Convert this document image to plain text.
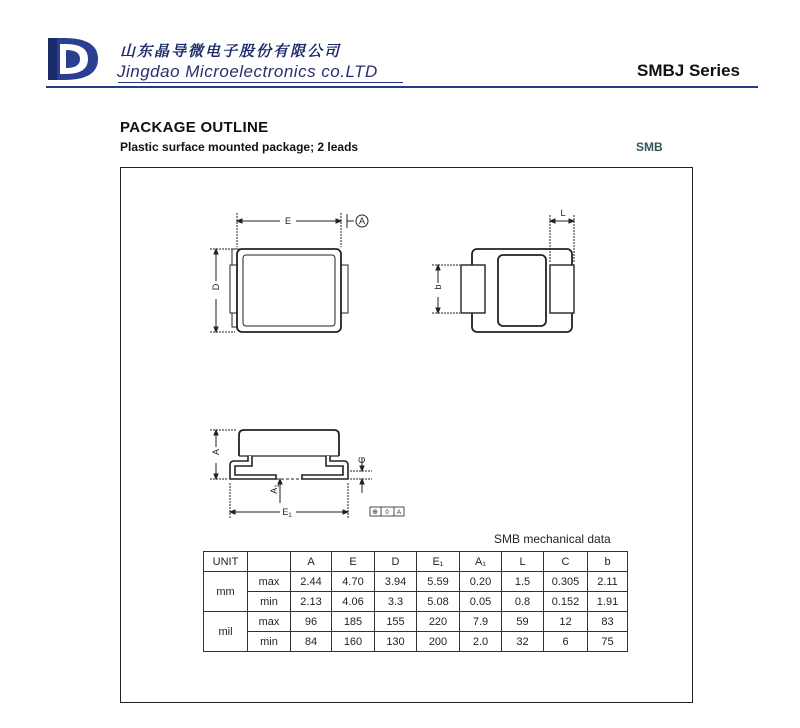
山东晶导微电子股份有限公司
Jingdao Microelectronics co.LTD	SMBJ Series
PACKAGE OUTLINE
Plastic surface mounted package; 2 leads	SMB
E	A
D
L
b
A
C
$A_1$
$E_1$	⊕ 0 A
SMB mechanical data
UNIT		A	E	D	E₁	A₁	L	C	b
mm	max	2.44	4.70	3.94	5.59	0.20	1.5	0.305	2.11
	min	2.13	4.06	3.3	5.08	0.05	0.8	0.152	1.91
mil	max	96	185	155	220	7.9	59	12	83
	min	84	160	130	200	2.0	32	6	75
